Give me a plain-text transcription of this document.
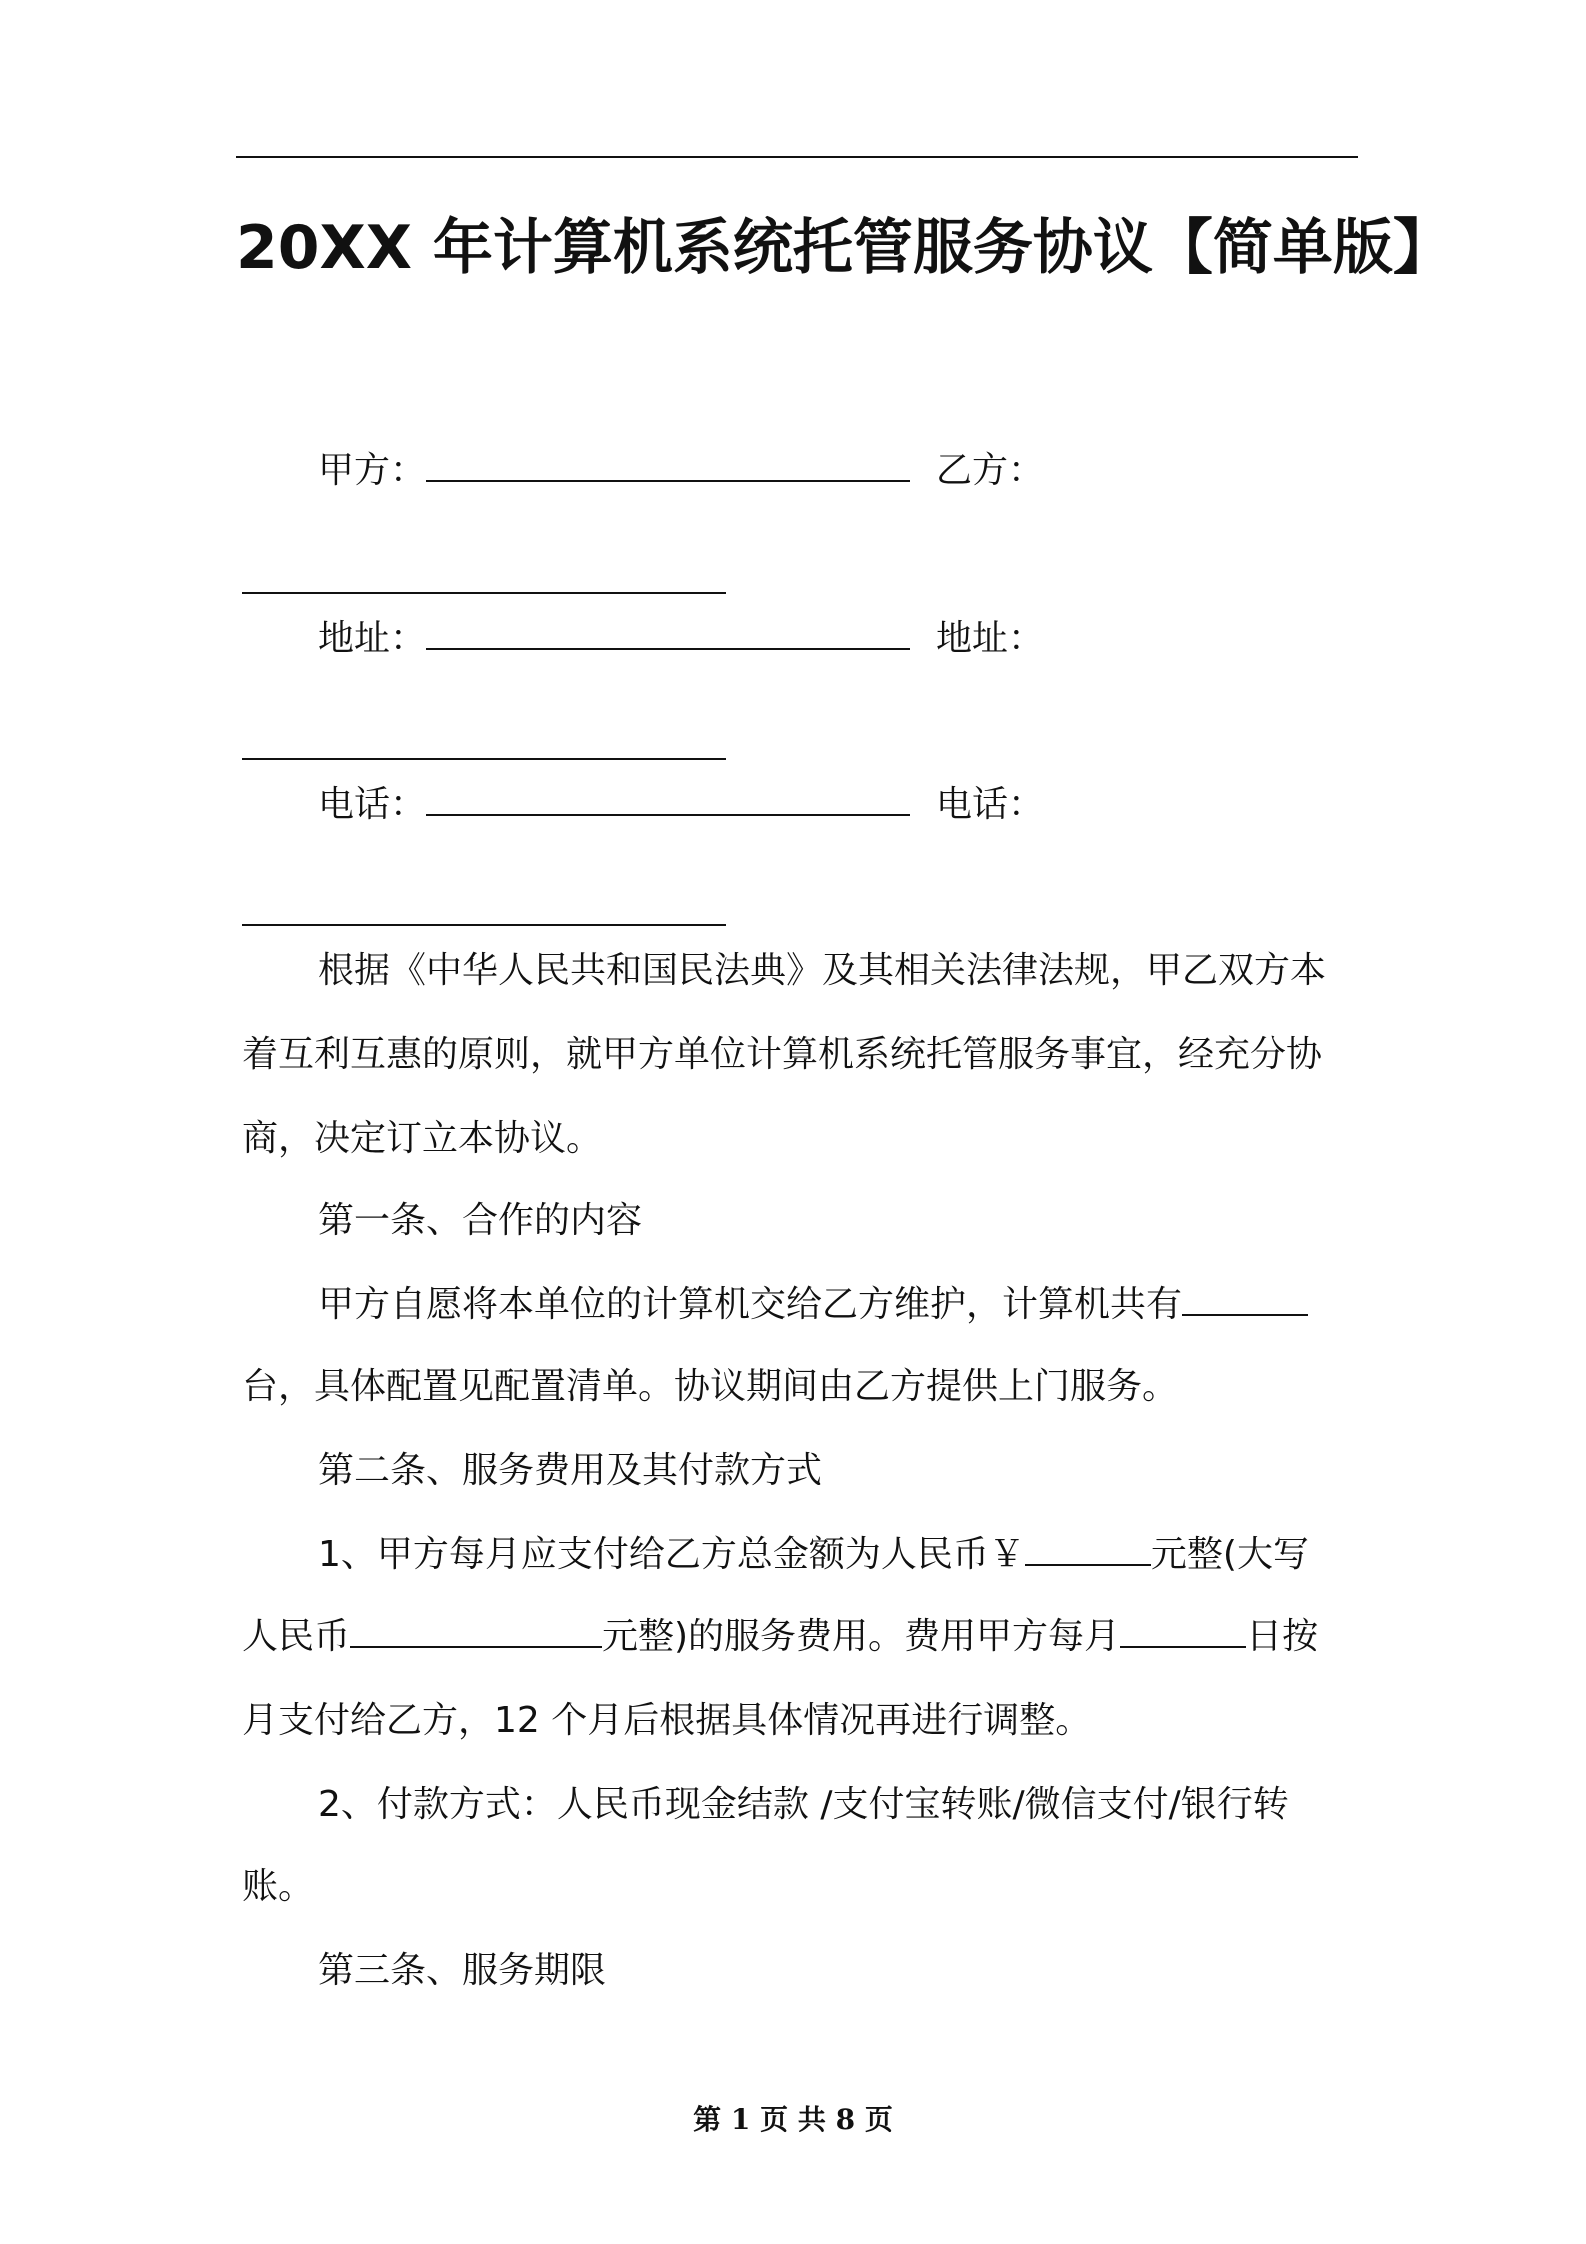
20XX 年计算机系统托管服务协议【简单版】
甲方：	乙方：
地址：	地址：
电话：	电话：
根据《中华人民共和国民法典》及其相关法律法规，甲乙双方本
着互利互惠的原则，就甲方单位计算机系统托管服务事宜，经充分协
商，决定订立本协议。
第一条、合作的内容
甲方自愿将本单位的计算机交给乙方维护，计算机共有
台，具体配置见配置清单。协议期间由乙方提供上门服务。
第二条、服务费用及其付款方式
1、甲方每月应支付给乙方总金额为人民币￥	元整(大写
人民币	元整)的服务费用。费用甲方每月	日按
月支付给乙方，12 个月后根据具体情况再进行调整。
2、付款方式：人民币现金结款 /支付宝转账/微信支付/银行转
账。
第三条、服务期限
第 1 页 共 8 页
